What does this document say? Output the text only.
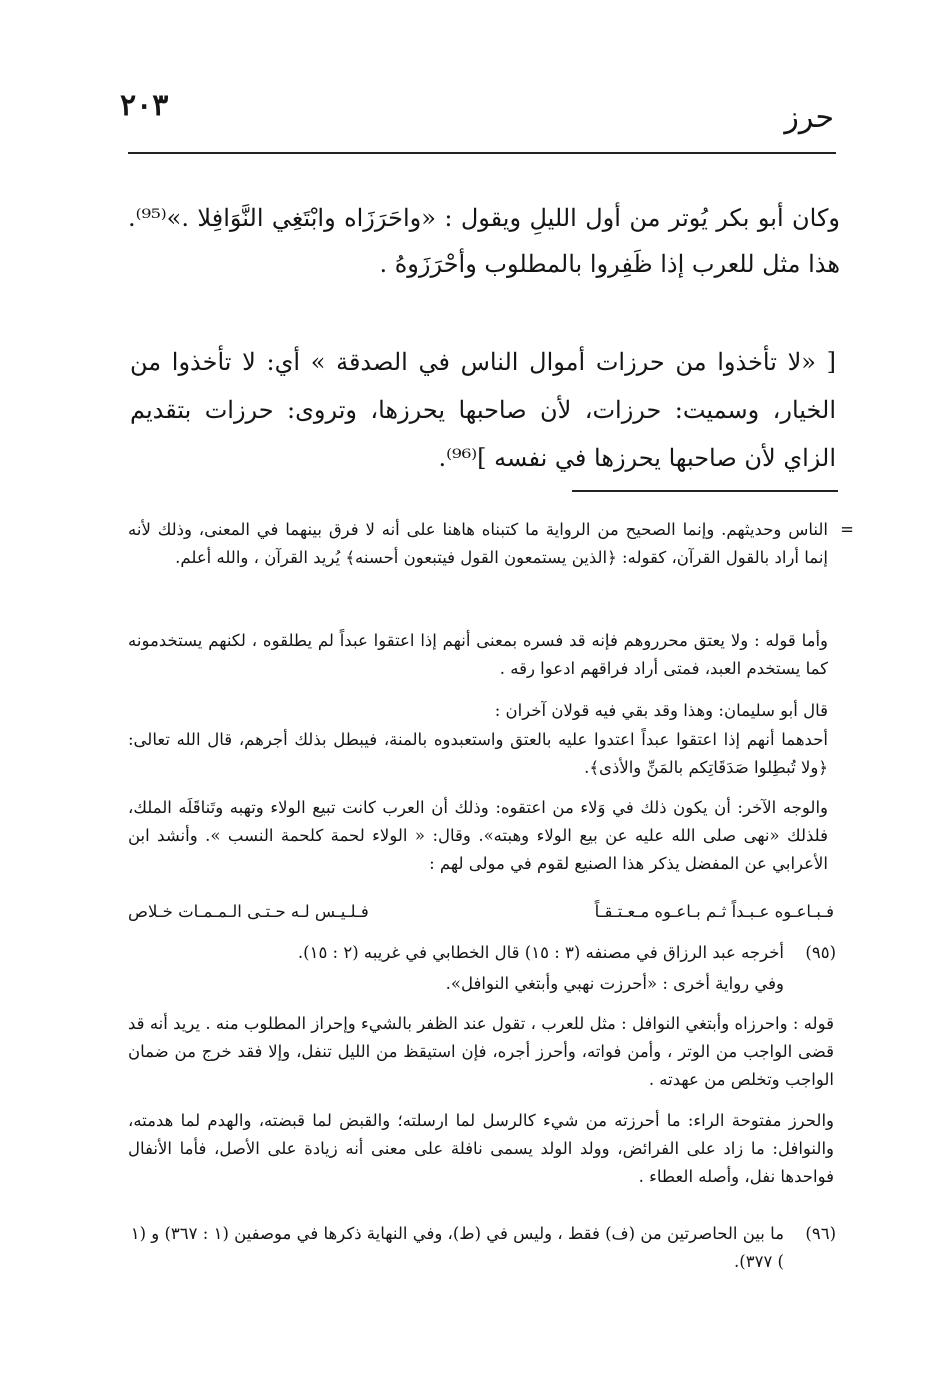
٢٠٣	حرز
وكان أبو بكر يُوتر من أول الليلِ ويقول : «واحَرَزَاه وابْتَغِي النَّوَافِلا .»⁽⁹⁵⁾. هذا مثل للعرب إذا ظَفِروا بالمطلوب وأحْرَزَوهُ .
[ «لا تأخذوا من حرزات أموال الناس في الصدقة » أي: لا تأخذوا من الخيار، وسميت: حرزات، لأن صاحبها يحرزها، وتروى: حرزات بتقديم الزاي لأن صاحبها يحرزها في نفسه ]⁽⁹⁶⁾.
=
الناس وحديثهم. وإنما الصحيح من الرواية ما كتبناه هاهنا على أنه لا فرق بينهما في المعنى، وذلك لأنه إنما أراد بالقول القرآن، كقوله: ﴿الذين يستمعون القول فيتبعون أحسنه﴾ يُريد القرآن ، والله أعلم.
وأما قوله : ولا يعتق محرروهم فإنه قد فسره بمعنى أنهم إذا اعتقوا عبداً لم يطلقوه ، لكنهم يستخدمونه كما يستخدم العبد، فمتى أراد فراقهم ادعوا رقه .
قال أبو سليمان: وهذا وقد بقي فيه قولان آخران :
أحدهما أنهم إذا اعتقوا عبداً اعتدوا عليه بالعتق واستعبدوه بالمنة، فيبطل بذلك أجرهم، قال الله تعالى: ﴿ولا تُبطِلوا صَدَقَاتِكم بالمَنِّ والأذى﴾.
والوجه الآخر: أن يكون ذلك في وَلاء من اعتقوه: وذلك أن العرب كانت تبيع الولاء وتهبه وتَناقَلَه الملك، فلذلك «نهى صلى الله عليه عن بيع الولاء وهبته». وقال: « الولاء لحمة كلحمة النسب ». وأنشد ابن الأعرابي عن المفضل يذكر هذا الصنيع لقوم في مولى لهم :
فـبـاعـوه عـبـداً ثـم بـاعـوه مـعـتـقـاً
فـلـيـس لـه حـتـى الـمـمـات خـلاص
(٩٥)
أخرجه عبد الرزاق في مصنفه (٣ : ١٥) قال الخطابي في غريبه (٢ : ١٥).
وفي رواية أخرى : «أحرزت نهبي وأبتغي النوافل».
قوله : واحرزاه وأبتغي النوافل : مثل للعرب ، تقول عند الظفر بالشيء وإحراز المطلوب منه . يريد أنه قد قضى الواجب من الوتر ، وأمن فواته، وأحرز أجره، فإن استيقظ من الليل تنفل، وإلا فقد خرج من ضمان الواجب وتخلص من عهدته .
والحرز مفتوحة الراء: ما أحرزته من شيء كالرسل لما ارسلته؛ والقبض لما قبضته، والهدم لما هدمته، والنوافل: ما زاد على الفرائض، وولد الولد يسمى نافلة على معنى أنه زيادة على الأصل، فأما الأنفال فواحدها نفل، وأصله العطاء .
(٩٦)
ما بين الحاصرتين من (ف) فقط ، وليس في (ط)، وفي النهاية ذكرها في موصفين (١ : ٣٦٧) و (١ ) ٣٧٧).
